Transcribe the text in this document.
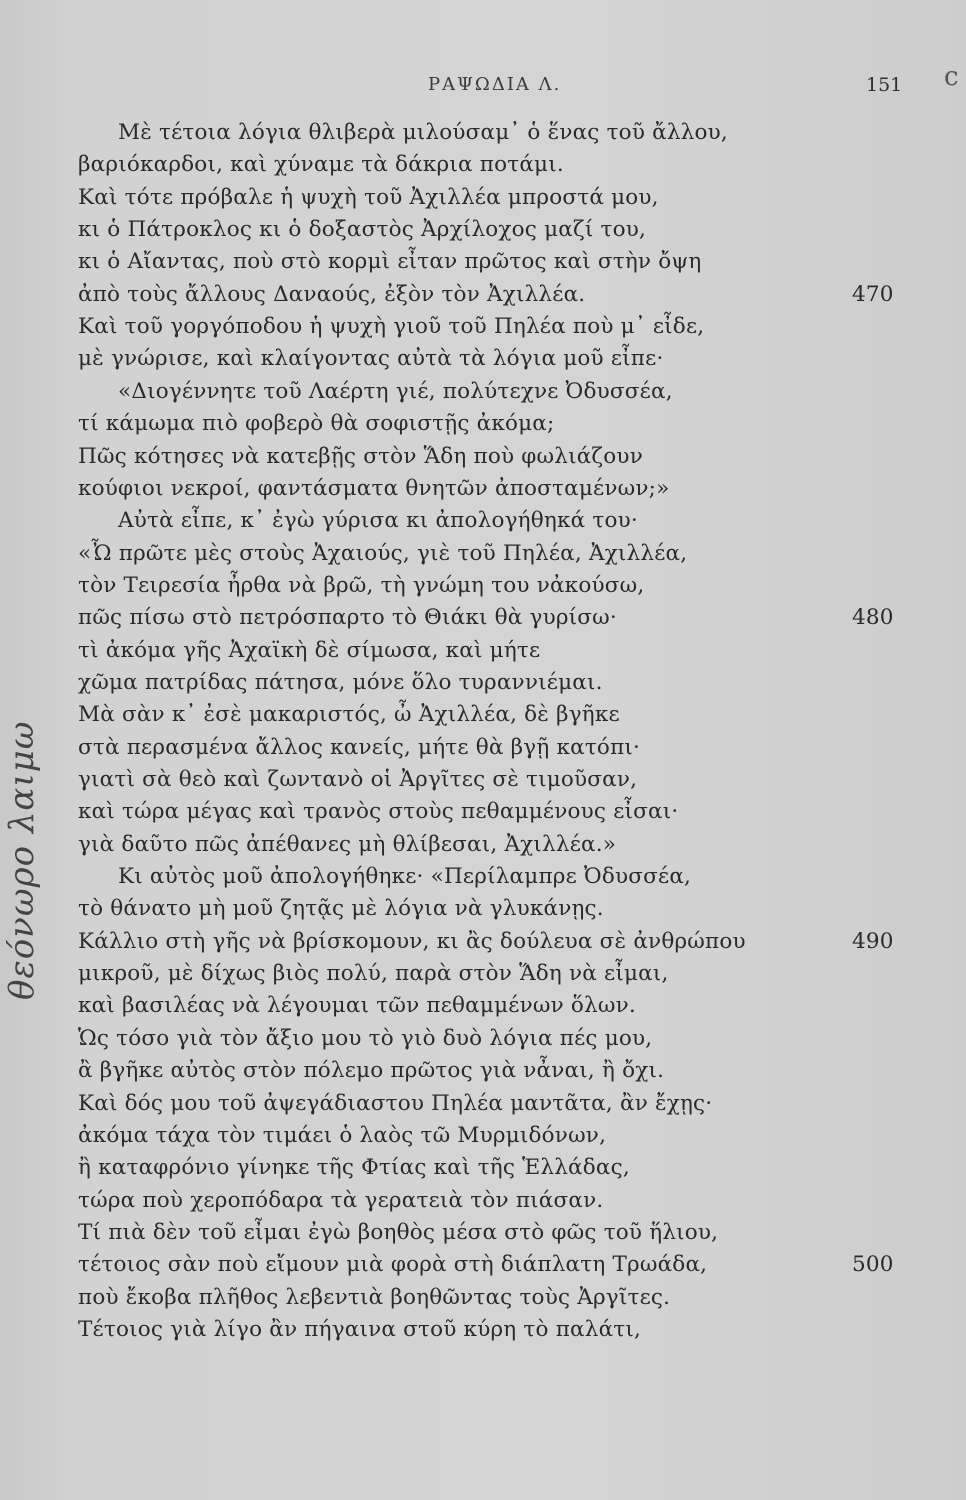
ΡΑΨΩΔΙΑ Λ.	151 c
θεόνωρο λαιμω
Μὲ τέτοια λόγια θλιβερὰ μιλούσαμ᾿ ὁ ἕνας τοῦ ἄλλου,
βαριόκαρδοι, καὶ χύναμε τὰ δάκρια ποτάμι.
Καὶ τότε πρόβαλε ἡ ψυχὴ τοῦ Ἀχιλλέα μπροστά μου,
κι ὁ Πάτροκλος κι ὁ δοξαστὸς Ἀρχίλοχος μαζί του,
κι ὁ Αἴαντας, ποὺ στὸ κορμὶ εἶταν πρῶτος καὶ στὴν ὄψη
ἀπὸ τοὺς ἄλλους Δαναούς, ἐξὸν τὸν Ἀχιλλέα.	470
Καὶ τοῦ γοργόποδου ἡ ψυχὴ γιοῦ τοῦ Πηλέα ποὺ μ᾿ εἶδε,
μὲ γνώρισε, καὶ κλαίγοντας αὐτὰ τὰ λόγια μοῦ εἶπε·
«Διογέννητε τοῦ Λαέρτη γιέ, πολύτεχνε Ὀδυσσέα,
τί κάμωμα πιὸ φοβερὸ θὰ σοφιστῇς ἀκόμα;
Πῶς κότησες νὰ κατεβῇς στὸν Ἅδη ποὺ φωλιάζουν
κούφιοι νεκροί, φαντάσματα θνητῶν ἀποσταμένων;»
Αὐτὰ εἶπε, κ᾿ ἐγὼ γύρισα κι ἀπολογήθηκά του·
«Ὦ πρῶτε μὲς στοὺς Ἀχαιούς, γιὲ τοῦ Πηλέα, Ἀχιλλέα,
τὸν Τειρεσία ἦρθα νὰ βρῶ, τὴ γνώμη του νἀκούσω,
πῶς πίσω στὸ πετρόσπαρτο τὸ Θιάκι θὰ γυρίσω·	480
τὶ ἀκόμα γῆς Ἀχαϊκὴ δὲ σίμωσα, καὶ μήτε
χῶμα πατρίδας πάτησα, μόνε ὅλο τυραννιέμαι.
Μὰ σὰν κ᾿ ἐσὲ μακαριστός, ὦ Ἀχιλλέα, δὲ βγῆκε
στὰ περασμένα ἄλλος κανείς, μήτε θὰ βγῇ κατόπι·
γιατὶ σὰ θεὸ καὶ ζωντανὸ οἱ Ἀργῖτες σὲ τιμοῦσαν,
καὶ τώρα μέγας καὶ τρανὸς στοὺς πεθαμμένους εἶσαι·
γιὰ δαῦτο πῶς ἀπέθανες μὴ θλίβεσαι, Ἀχιλλέα.»
Κι αὐτὸς μοῦ ἀπολογήθηκε· «Περίλαμπρε Ὀδυσσέα,
τὸ θάνατο μὴ μοῦ ζητᾷς μὲ λόγια νὰ γλυκάνῃς.
Κάλλιο στὴ γῆς νὰ βρίσκομουν, κι ἂς δούλευα σὲ ἀνθρώπου	490
μικροῦ, μὲ δίχως βιὸς πολύ, παρὰ στὸν Ἅδη νὰ εἶμαι,
καὶ βασιλέας νὰ λέγουμαι τῶν πεθαμμένων ὅλων.
Ὡς τόσο γιὰ τὸν ἄξιο μου τὸ γιὸ δυὸ λόγια πές μου,
ἂ βγῆκε αὐτὸς στὸν πόλεμο πρῶτος γιὰ νἆναι, ἢ ὄχι.
Καὶ δός μου τοῦ ἀψεγάδιαστου Πηλέα μαντᾶτα, ἂν ἔχῃς·
ἀκόμα τάχα τὸν τιμάει ὁ λαὸς τῶ Μυρμιδόνων,
ἢ καταφρόνιο γίνηκε τῆς Φτίας καὶ τῆς Ἑλλάδας,
τώρα ποὺ χεροπόδαρα τὰ γερατειὰ τὸν πιάσαν.
Τί πιὰ δὲν τοῦ εἶμαι ἐγὼ βοηθὸς μέσα στὸ φῶς τοῦ ἥλιου,
τέτοιος σὰν ποὺ εἴμουν μιὰ φορὰ στὴ διάπλατη Τρωάδα,	500
ποὺ ἔκοβα πλῆθος λεβεντιὰ βοηθῶντας τοὺς Ἀργῖτες.
Τέτοιος γιὰ λίγο ἂν πήγαινα στοῦ κύρη τὸ παλάτι,
